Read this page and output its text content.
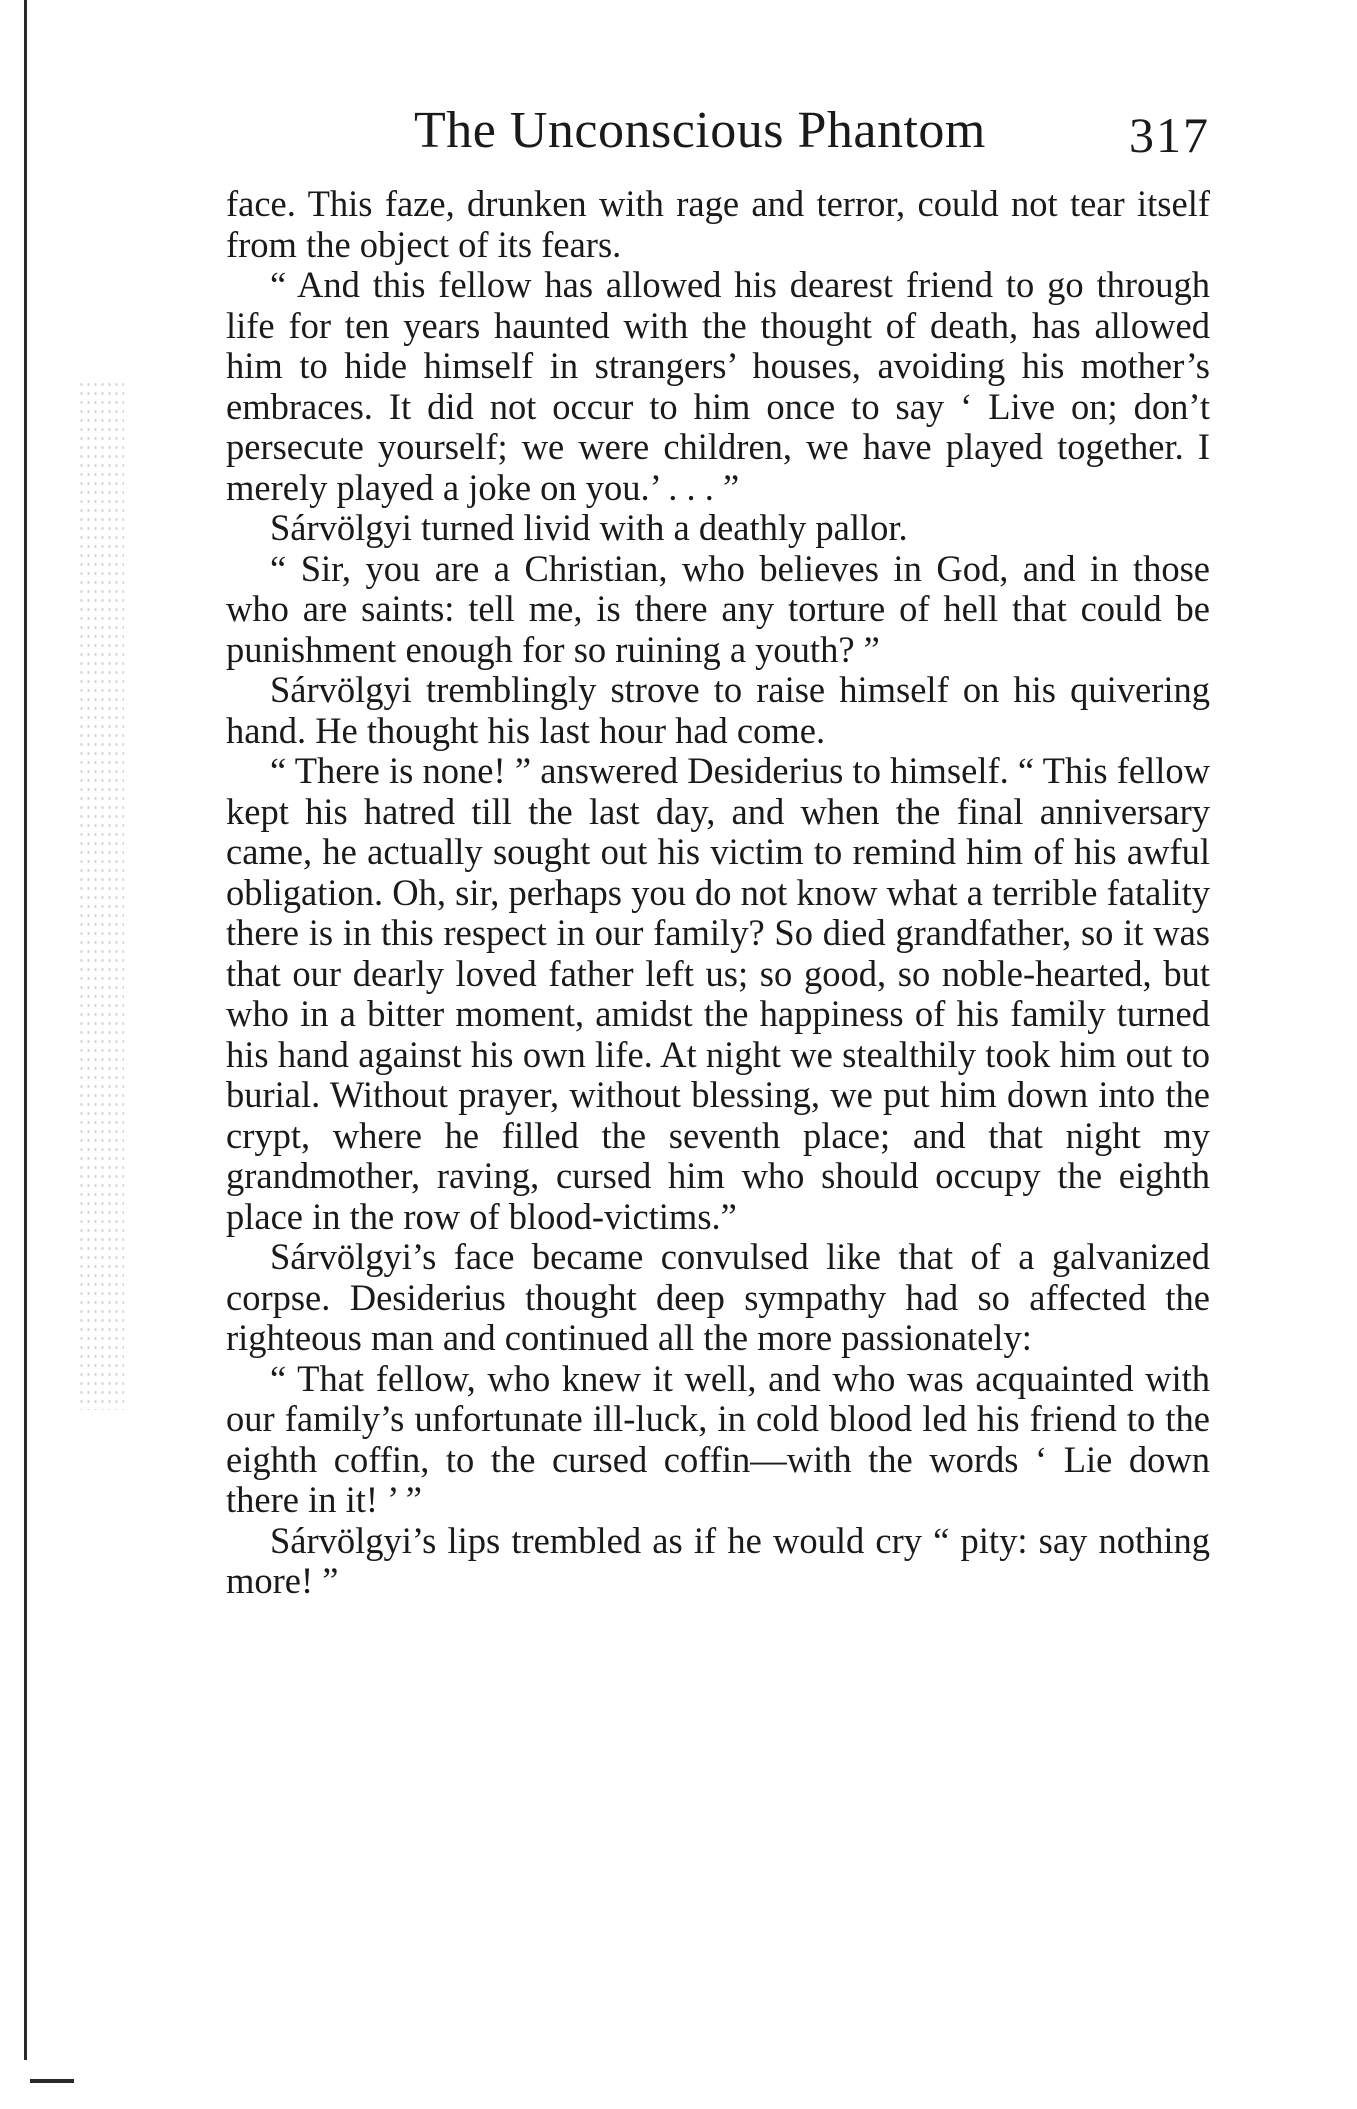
The Unconscious Phantom	317

face. This faze, drunken with rage and terror, could not tear itself from the object of its fears.

“ And this fellow has allowed his dearest friend to go through life for ten years haunted with the thought of death, has allowed him to hide himself in strangers’ houses, avoiding his mother’s embraces. It did not occur to him once to say ‘ Live on; don’t persecute yourself; we were children, we have played together. I merely played a joke on you.’ . . . ”

Sárvölgyi turned livid with a deathly pallor.

“ Sir, you are a Christian, who believes in God, and in those who are saints: tell me, is there any torture of hell that could be punishment enough for so ruining a youth? ”

Sárvölgyi tremblingly strove to raise himself on his quivering hand. He thought his last hour had come.

“ There is none! ” answered Desiderius to himself. “ This fellow kept his hatred till the last day, and when the final anniversary came, he actually sought out his victim to remind him of his awful obligation. Oh, sir, perhaps you do not know what a terrible fatality there is in this respect in our family? So died grandfather, so it was that our dearly loved father left us; so good, so noble-hearted, but who in a bitter moment, amidst the happiness of his family turned his hand against his own life. At night we stealthily took him out to burial. Without prayer, without blessing, we put him down into the crypt, where he filled the seventh place; and that night my grandmother, raving, cursed him who should occupy the eighth place in the row of blood-victims.”

Sárvölgyi’s face became convulsed like that of a galvanized corpse. Desiderius thought deep sympathy had so affected the righteous man and continued all the more passionately:

“ That fellow, who knew it well, and who was acquainted with our family’s unfortunate ill-luck, in cold blood led his friend to the eighth coffin, to the cursed coffin—with the words ‘ Lie down there in it! ’ ”

Sárvölgyi’s lips trembled as if he would cry “ pity: say nothing more! ”
